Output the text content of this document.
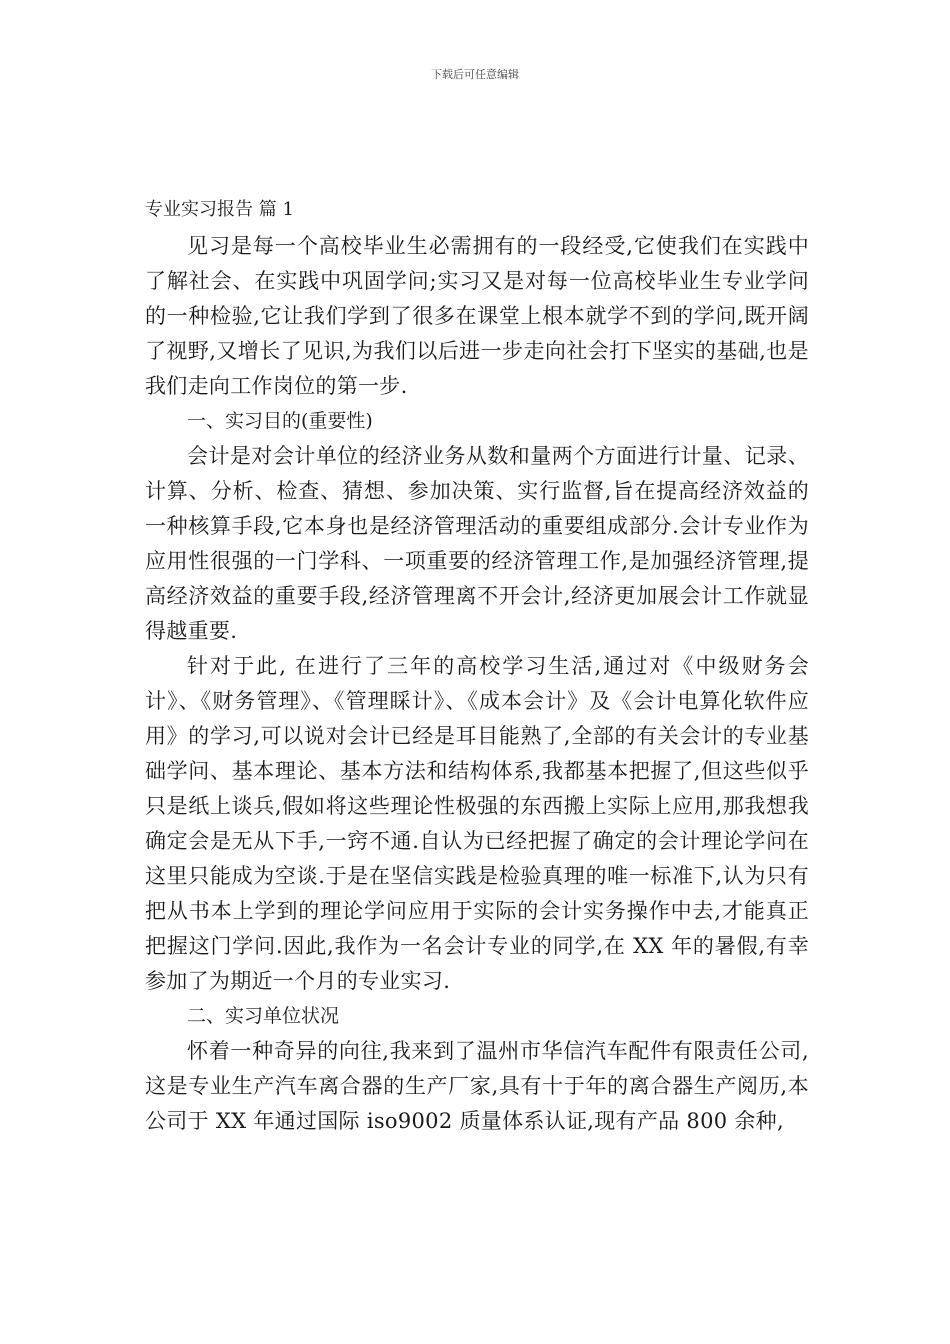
下载后可任意编辑

专业实习报告 篇 1

见习是每一个高校毕业生必需拥有的一段经受,它使我们在实践中了解社会、在实践中巩固学问;实习又是对每一位高校毕业生专业学问的一种检验,它让我们学到了很多在课堂上根本就学不到的学问,既开阔了视野,又增长了见识,为我们以后进一步走向社会打下坚实的基础,也是我们走向工作岗位的第一步.

一、实习目的(重要性)

会计是对会计单位的经济业务从数和量两个方面进行计量、记录、计算、分析、检查、猜想、参加决策、实行监督,旨在提高经济效益的一种核算手段,它本身也是经济管理活动的重要组成部分.会计专业作为应用性很强的一门学科、一项重要的经济管理工作,是加强经济管理,提高经济效益的重要手段,经济管理离不开会计,经济更加展会计工作就显得越重要.

针对于此, 在进行了三年的高校学习生活,通过对《中级财务会计》、《财务管理》、《管理睬计》、《成本会计》及《会计电算化软件应用》的学习,可以说对会计已经是耳目能熟了,全部的有关会计的专业基础学问、基本理论、基本方法和结构体系,我都基本把握了,但这些似乎只是纸上谈兵,假如将这些理论性极强的东西搬上实际上应用,那我想我确定会是无从下手,一窍不通.自认为已经把握了确定的会计理论学问在这里只能成为空谈.于是在坚信实践是检验真理的唯一标准下,认为只有把从书本上学到的理论学问应用于实际的会计实务操作中去,才能真正把握这门学问.因此,我作为一名会计专业的同学,在 XX 年的暑假,有幸参加了为期近一个月的专业实习.

二、实习单位状况

怀着一种奇异的向往,我来到了温州市华信汽车配件有限责任公司,这是专业生产汽车离合器的生产厂家,具有十于年的离合器生产阅历,本公司于 XX 年通过国际 iso9002 质量体系认证,现有产品 800 余种,
